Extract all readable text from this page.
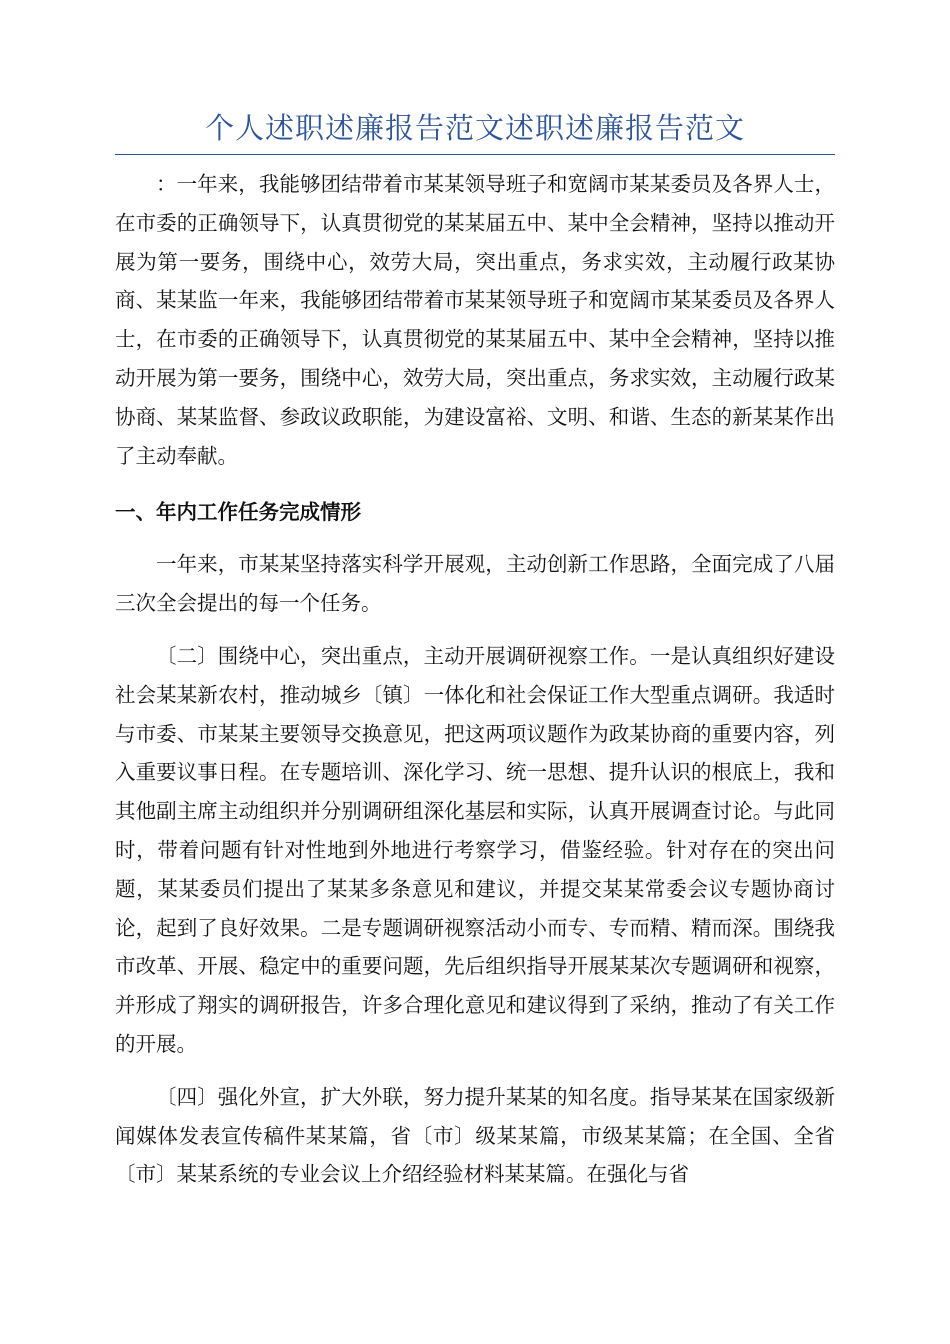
个人述职述廉报告范文述职述廉报告范文

：一年来，我能够团结带着市某某领导班子和宽阔市某某委员及各界人士，在市委的正确领导下，认真贯彻党的某某届五中、某中全会精神，坚持以推动开展为第一要务，围绕中心，效劳大局，突出重点，务求实效，主动履行政某协商、某某监一年来，我能够团结带着市某某领导班子和宽阔市某某委员及各界人士，在市委的正确领导下，认真贯彻党的某某届五中、某中全会精神，坚持以推动开展为第一要务，围绕中心，效劳大局，突出重点，务求实效，主动履行政某协商、某某监督、参政议政职能，为建设富裕、文明、和谐、生态的新某某作出了主动奉献。

一、年内工作任务完成情形

一年来，市某某坚持落实科学开展观，主动创新工作思路，全面完成了八届三次全会提出的每一个任务。

〔二〕围绕中心，突出重点，主动开展调研视察工作。一是认真组织好建设社会某某新农村，推动城乡〔镇〕一体化和社会保证工作大型重点调研。我适时与市委、市某某主要领导交换意见，把这两项议题作为政某协商的重要内容，列入重要议事日程。在专题培训、深化学习、统一思想、提升认识的根底上，我和其他副主席主动组织并分别调研组深化基层和实际，认真开展调查讨论。与此同时，带着问题有针对性地到外地进行考察学习，借鉴经验。针对存在的突出问题，某某委员们提出了某某多条意见和建议，并提交某某常委会议专题协商讨论，起到了良好效果。二是专题调研视察活动小而专、专而精、精而深。围绕我市改革、开展、稳定中的重要问题，先后组织指导开展某某次专题调研和视察，并形成了翔实的调研报告，许多合理化意见和建议得到了采纳，推动了有关工作的开展。

〔四〕强化外宣，扩大外联，努力提升某某的知名度。指导某某在国家级新闻媒体发表宣传稿件某某篇，省〔市〕级某某篇，市级某某篇；在全国、全省〔市〕某某系统的专业会议上介绍经验材料某某篇。在强化与省
